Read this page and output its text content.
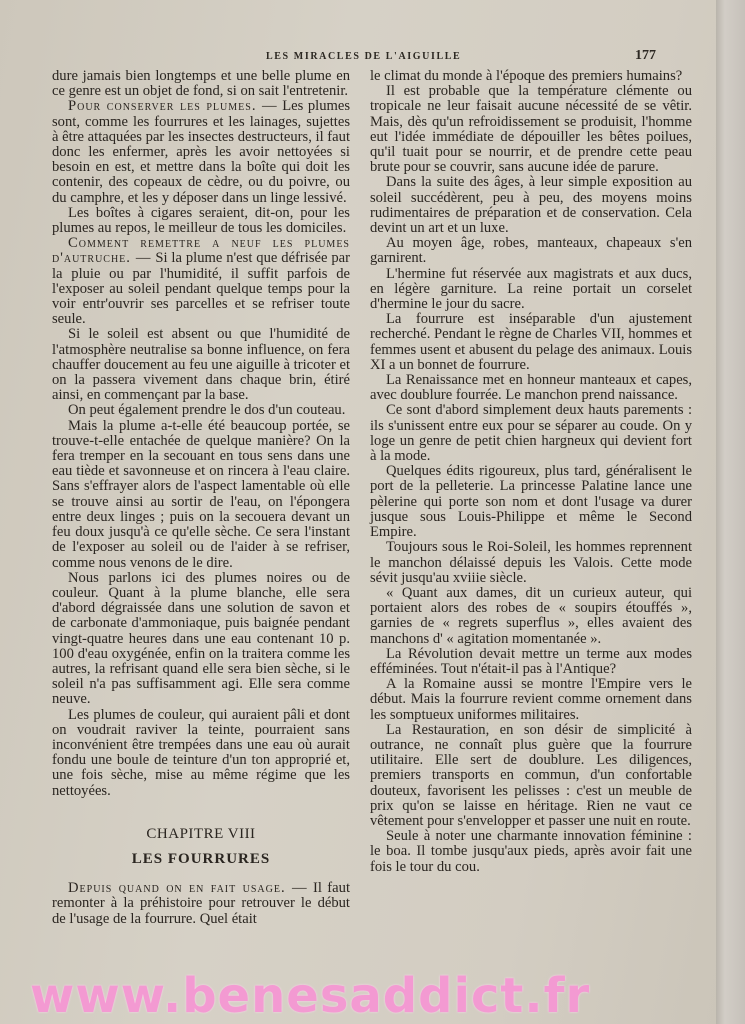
LES MIRACLES DE L'AIGUILLE	177

dure jamais bien longtemps et une belle plume en ce genre est un objet de fond, si on sait l'entretenir.

Pour conserver les plumes. — Les plumes sont, comme les fourrures et les lainages, sujettes à être attaquées par les insectes destructeurs, il faut donc les enfermer, après les avoir nettoyées si besoin en est, et mettre dans la boîte qui doit les contenir, des copeaux de cèdre, ou du poivre, ou du camphre, et les y déposer dans un linge lessivé.

Les boîtes à cigares seraient, dit-on, pour les plumes au repos, le meilleur de tous les domiciles.

Comment remettre a neuf les plumes d'autruche. — Si la plume n'est que défrisée par la pluie ou par l'humidité, il suffit parfois de l'exposer au soleil pendant quelque temps pour la voir entr'ouvrir ses parcelles et se refriser toute seule.

Si le soleil est absent ou que l'humidité de l'atmosphère neutralise sa bonne influence, on fera chauffer doucement au feu une aiguille à tricoter et on la passera vivement dans chaque brin, étiré ainsi, en commençant par la base.

On peut également prendre le dos d'un couteau.

Mais la plume a-t-elle été beaucoup portée, se trouve-t-elle entachée de quelque manière? On la fera tremper en la secouant en tous sens dans une eau tiède et savonneuse et on rincera à l'eau claire. Sans s'effrayer alors de l'aspect lamentable où elle se trouve ainsi au sortir de l'eau, on l'épongera entre deux linges ; puis on la secouera devant un feu doux jusqu'à ce qu'elle sèche. Ce sera l'instant de l'exposer au soleil ou de l'aider à se refriser, comme nous venons de le dire.

Nous parlons ici des plumes noires ou de couleur. Quant à la plume blanche, elle sera d'abord dégraissée dans une solution de savon et de carbonate d'ammoniaque, puis baignée pendant vingt-quatre heures dans une eau contenant 10 p. 100 d'eau oxygénée, enfin on la traitera comme les autres, la refrisant quand elle sera bien sèche, si le soleil n'a pas suffisamment agi. Elle sera comme neuve.

Les plumes de couleur, qui auraient pâli et dont on voudrait raviver la teinte, pourraient sans inconvénient être trempées dans une eau où aurait fondu une boule de teinture d'un ton approprié et, une fois sèche, mise au même régime que les nettoyées.

CHAPITRE VIII
LES FOURRURES

Depuis quand on en fait usage. — Il faut remonter à la préhistoire pour retrouver le début de l'usage de la fourrure. Quel était

le climat du monde à l'époque des premiers humains?

Il est probable que la température clémente ou tropicale ne leur faisait aucune nécessité de se vêtir. Mais, dès qu'un refroidissement se produisit, l'homme eut l'idée immédiate de dépouiller les bêtes poilues, qu'il tuait pour se nourrir, et de prendre cette peau brute pour se couvrir, sans aucune idée de parure.

Dans la suite des âges, à leur simple exposition au soleil succédèrent, peu à peu, des moyens moins rudimentaires de préparation et de conservation. Cela devint un art et un luxe.

Au moyen âge, robes, manteaux, chapeaux s'en garnirent.

L'hermine fut réservée aux magistrats et aux ducs, en légère garniture. La reine portait un corselet d'hermine le jour du sacre.

La fourrure est inséparable d'un ajustement recherché. Pendant le règne de Charles VII, hommes et femmes usent et abusent du pelage des animaux. Louis XI a un bonnet de fourrure.

La Renaissance met en honneur manteaux et capes, avec doublure fourrée. Le manchon prend naissance.

Ce sont d'abord simplement deux hauts parements : ils s'unissent entre eux pour se séparer au coude. On y loge un genre de petit chien hargneux qui devient fort à la mode.

Quelques édits rigoureux, plus tard, généralisent le port de la pelleterie. La princesse Palatine lance une pèlerine qui porte son nom et dont l'usage va durer jusque sous Louis-Philippe et même le Second Empire.

Toujours sous le Roi-Soleil, les hommes reprennent le manchon délaissé depuis les Valois. Cette mode sévit jusqu'au xviiie siècle.

« Quant aux dames, dit un curieux auteur, qui portaient alors des robes de « soupirs étouffés », garnies de « regrets superflus », elles avaient des manchons d' « agitation momentanée ».

La Révolution devait mettre un terme aux modes efféminées. Tout n'était-il pas à l'Antique?

A la Romaine aussi se montre l'Empire vers le début. Mais la fourrure revient comme ornement dans les somptueux uniformes militaires.

La Restauration, en son désir de simplicité à outrance, ne connaît plus guère que la fourrure utilitaire. Elle sert de doublure. Les diligences, premiers transports en commun, d'un confortable douteux, favorisent les pelisses : c'est un meuble de prix qu'on se laisse en héritage. Rien ne vaut ce vêtement pour s'envelopper et passer une nuit en route.

Seule à noter une charmante innovation féminine : le boa. Il tombe jusqu'aux pieds, après avoir fait une fois le tour du cou.

www.benesaddict.fr
